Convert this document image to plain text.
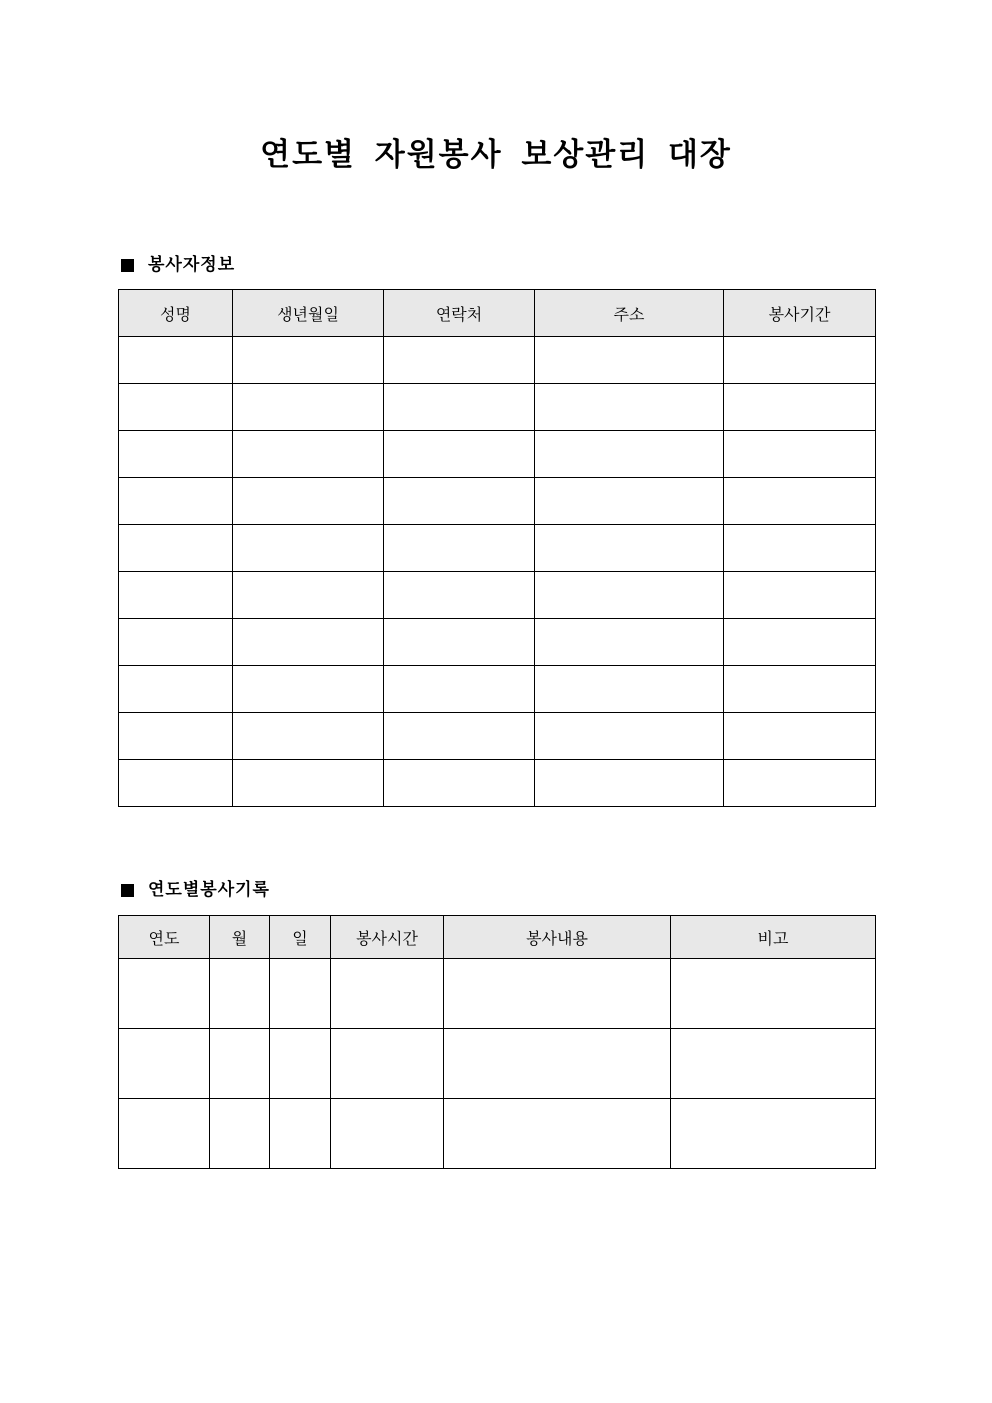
연도별 자원봉사 보상관리 대장
봉사자정보
성명	생년월일	연락처	주소	봉사기간

연도별봉사기록
연도	월	일	봉사시간	봉사내용	비고
